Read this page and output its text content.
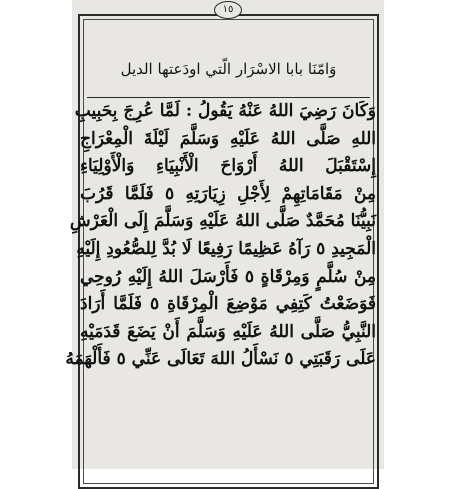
١٥
وَامّنَا بابا الاسْرَار الّتي اودَعتها الديل
وَكَانَ رَضِيَ اللهُ عَنْهُ يَقُولُ : لَمَّا عُرِجَ بِحَبِيبِ
اللهِ صَلَّى اللهُ عَلَيْهِ وَسَلَّمَ لَيْلَةَ الْمِعْرَاجِ
إِسْتَقْبَلَ اللهُ أَرْوَاحَ الْأَنْبِيَاءِ وَالْأَوْلِيَاءِ
مِنْ مَقَامَاتِهِمْ لِأَجْلِ زِيَارَتِهِ ٥ فَلَمَّا قَرُبَ
نَبِيُّنَا مُحَمَّدٌ صَلَّى اللهُ عَلَيْهِ وَسَلَّمَ إِلَى الْعَرْشِ
الْمَجِيدِ ٥ رَآهُ عَظِيمًا رَفِيعًا لَا بُدَّ لِلصُّعُودِ إِلَيْهِ
مِنْ سُلَّمٍ وَمِرْقَاةٍ ٥ فَأَرْسَلَ اللهُ إِلَيْهِ رُوحِي
فَوَضَعْتُ كَتِفِي مَوْضِعَ الْمِرْقَاةِ ٥ فَلَمَّا أَرَادَ
النَّبِيُّ صَلَّى اللهُ عَلَيْهِ وَسَلَّمَ أَنْ يَضَعَ قَدَمَيْهِ
عَلَى رَقَبَتِي ٥ نَسْأَلُ اللهَ تَعَالَى عَنِّي ٥ فَأَلْهَمَهُ
